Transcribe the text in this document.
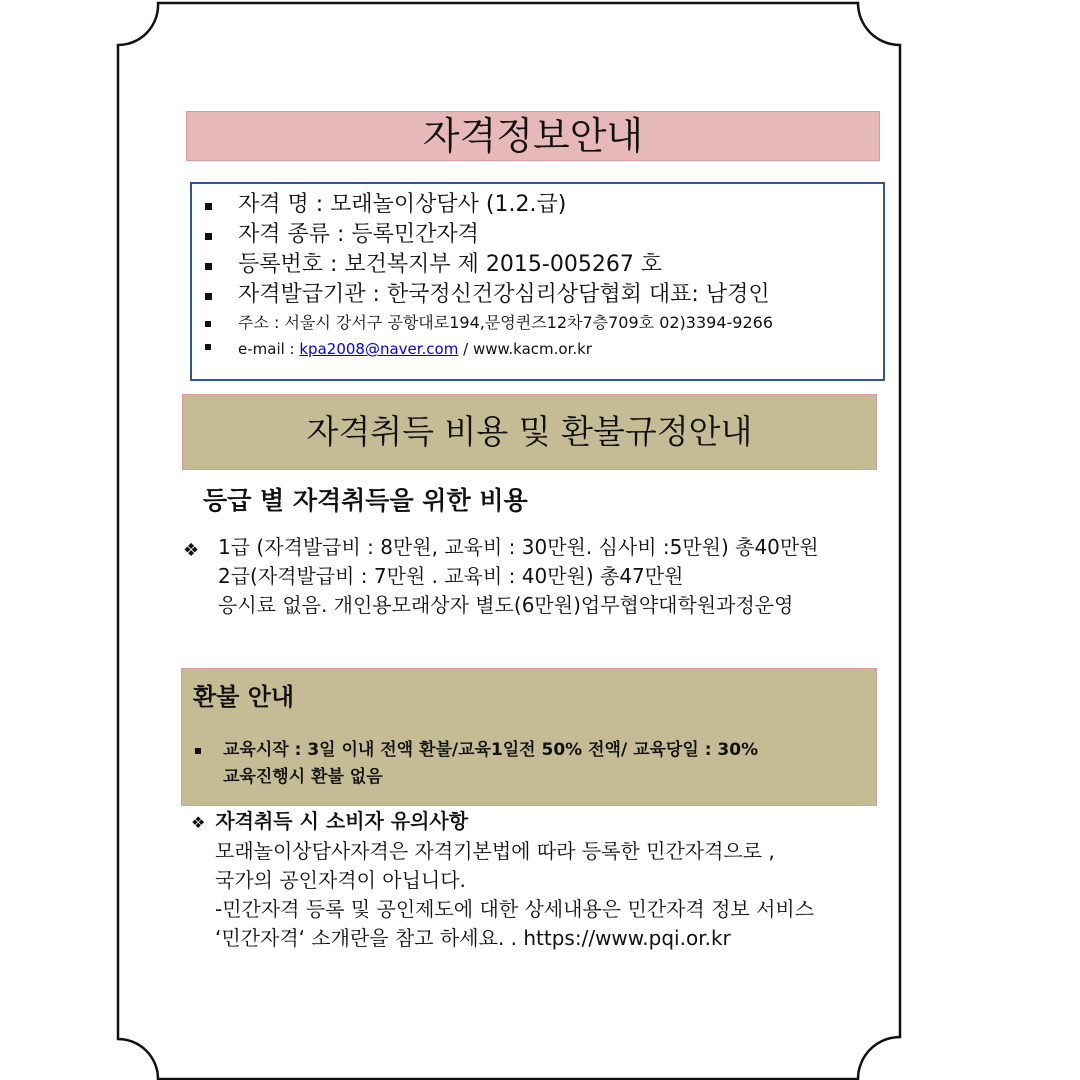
자격정보안내
자격 명 : 모래놀이상담사 (1.2.급)
자격 종류 : 등록민간자격
등록번호 : 보건복지부 제 2015-005267 호
자격발급기관 : 한국정신건강심리상담협회 대표: 남경인
주소 : 서울시 강서구 공항대로194,문영퀸즈12차7층709호 02)3394-9266
e-mail : kpa2008@naver.com / www.kacm.or.kr
자격취득 비용 및 환불규정안내
등급 별 자격취득을 위한 비용
❖ 1급 (자격발급비 : 8만원, 교육비 : 30만원. 심사비 :5만원) 총40만원
2급(자격발급비 : 7만원 . 교육비 : 40만원) 총47만원
응시료 없음. 개인용모래상자 별도(6만원)업무협약대학원과정운영
환불 안내
교육시작 : 3일 이내 전액 환불/교육1일전 50% 전액/ 교육당일 : 30%
교육진행시 환불 없음
❖ 자격취득 시 소비자 유의사항
모래놀이상담사자격은 자격기본법에 따라 등록한 민간자격으로 ,
국가의 공인자격이 아닙니다.
-민간자격 등록 및 공인제도에 대한 상세내용은 민간자격 정보 서비스
‘민간자격‘ 소개란을 참고 하세요. . https://www.pqi.or.kr
